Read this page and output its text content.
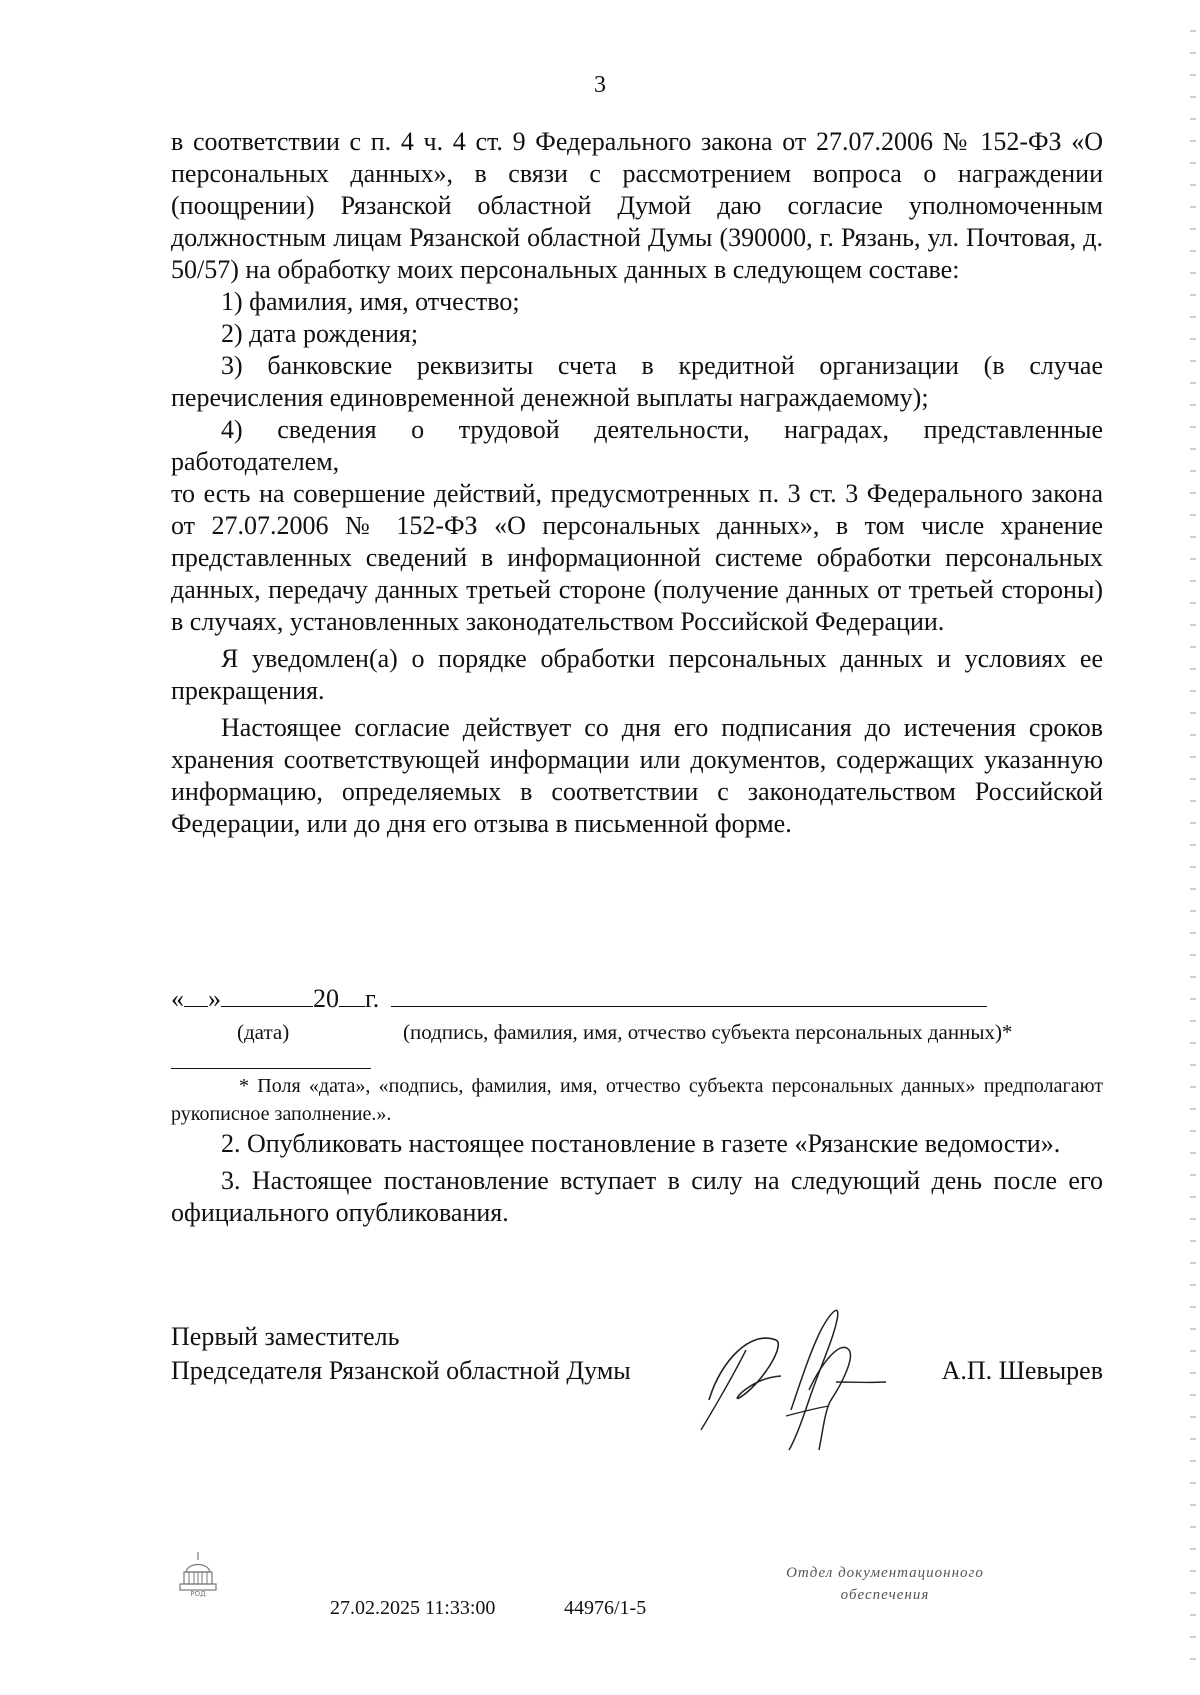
3

в соответствии с п. 4 ч. 4 ст. 9 Федерального закона от 27.07.2006 № 152-ФЗ «О персональных данных», в связи с рассмотрением вопроса о награждении (поощрении) Рязанской областной Думой даю согласие уполномоченным должностным лицам Рязанской областной Думы (390000, г. Рязань, ул. Почтовая, д. 50/57) на обработку моих персональных данных в следующем составе:

1) фамилия, имя, отчество;

2) дата рождения;

3) банковские реквизиты счета в кредитной организации (в случае перечисления единовременной денежной выплаты награждаемому);

4) сведения о трудовой деятельности, наградах, представленные работодателем,

то есть на совершение действий, предусмотренных п. 3 ст. 3 Федерального закона от 27.07.2006 № 152-ФЗ «О персональных данных», в том числе хранение представленных сведений в информационной системе обработки персональных данных, передачу данных третьей стороне (получение данных от третьей стороны) в случаях, установленных законодательством Российской Федерации.

Я уведомлен(а) о порядке обработки персональных данных и условиях ее прекращения.

Настоящее согласие действует со дня его подписания до истечения сроков хранения соответствующей информации или документов, содержащих указанную информацию, определяемых в соответствии с законодательством Российской Федерации, или до дня его отзыва в письменной форме.

« »	20 г.
(дата)	(подпись, фамилия, имя, отчество субъекта персональных данных)*

* Поля «дата», «подпись, фамилия, имя, отчество субъекта персональных данных» предполагают рукописное заполнение.».

2. Опубликовать настоящее постановление в газете «Рязанские ведомости».

3. Настоящее постановление вступает в силу на следующий день после его официального опубликования.

Первый заместитель
Председателя Рязанской областной Думы	А.П. Шевырев
РОД
27.02.2025 11:33:00	44976/1-5
Отдел документационного
обеспечения
